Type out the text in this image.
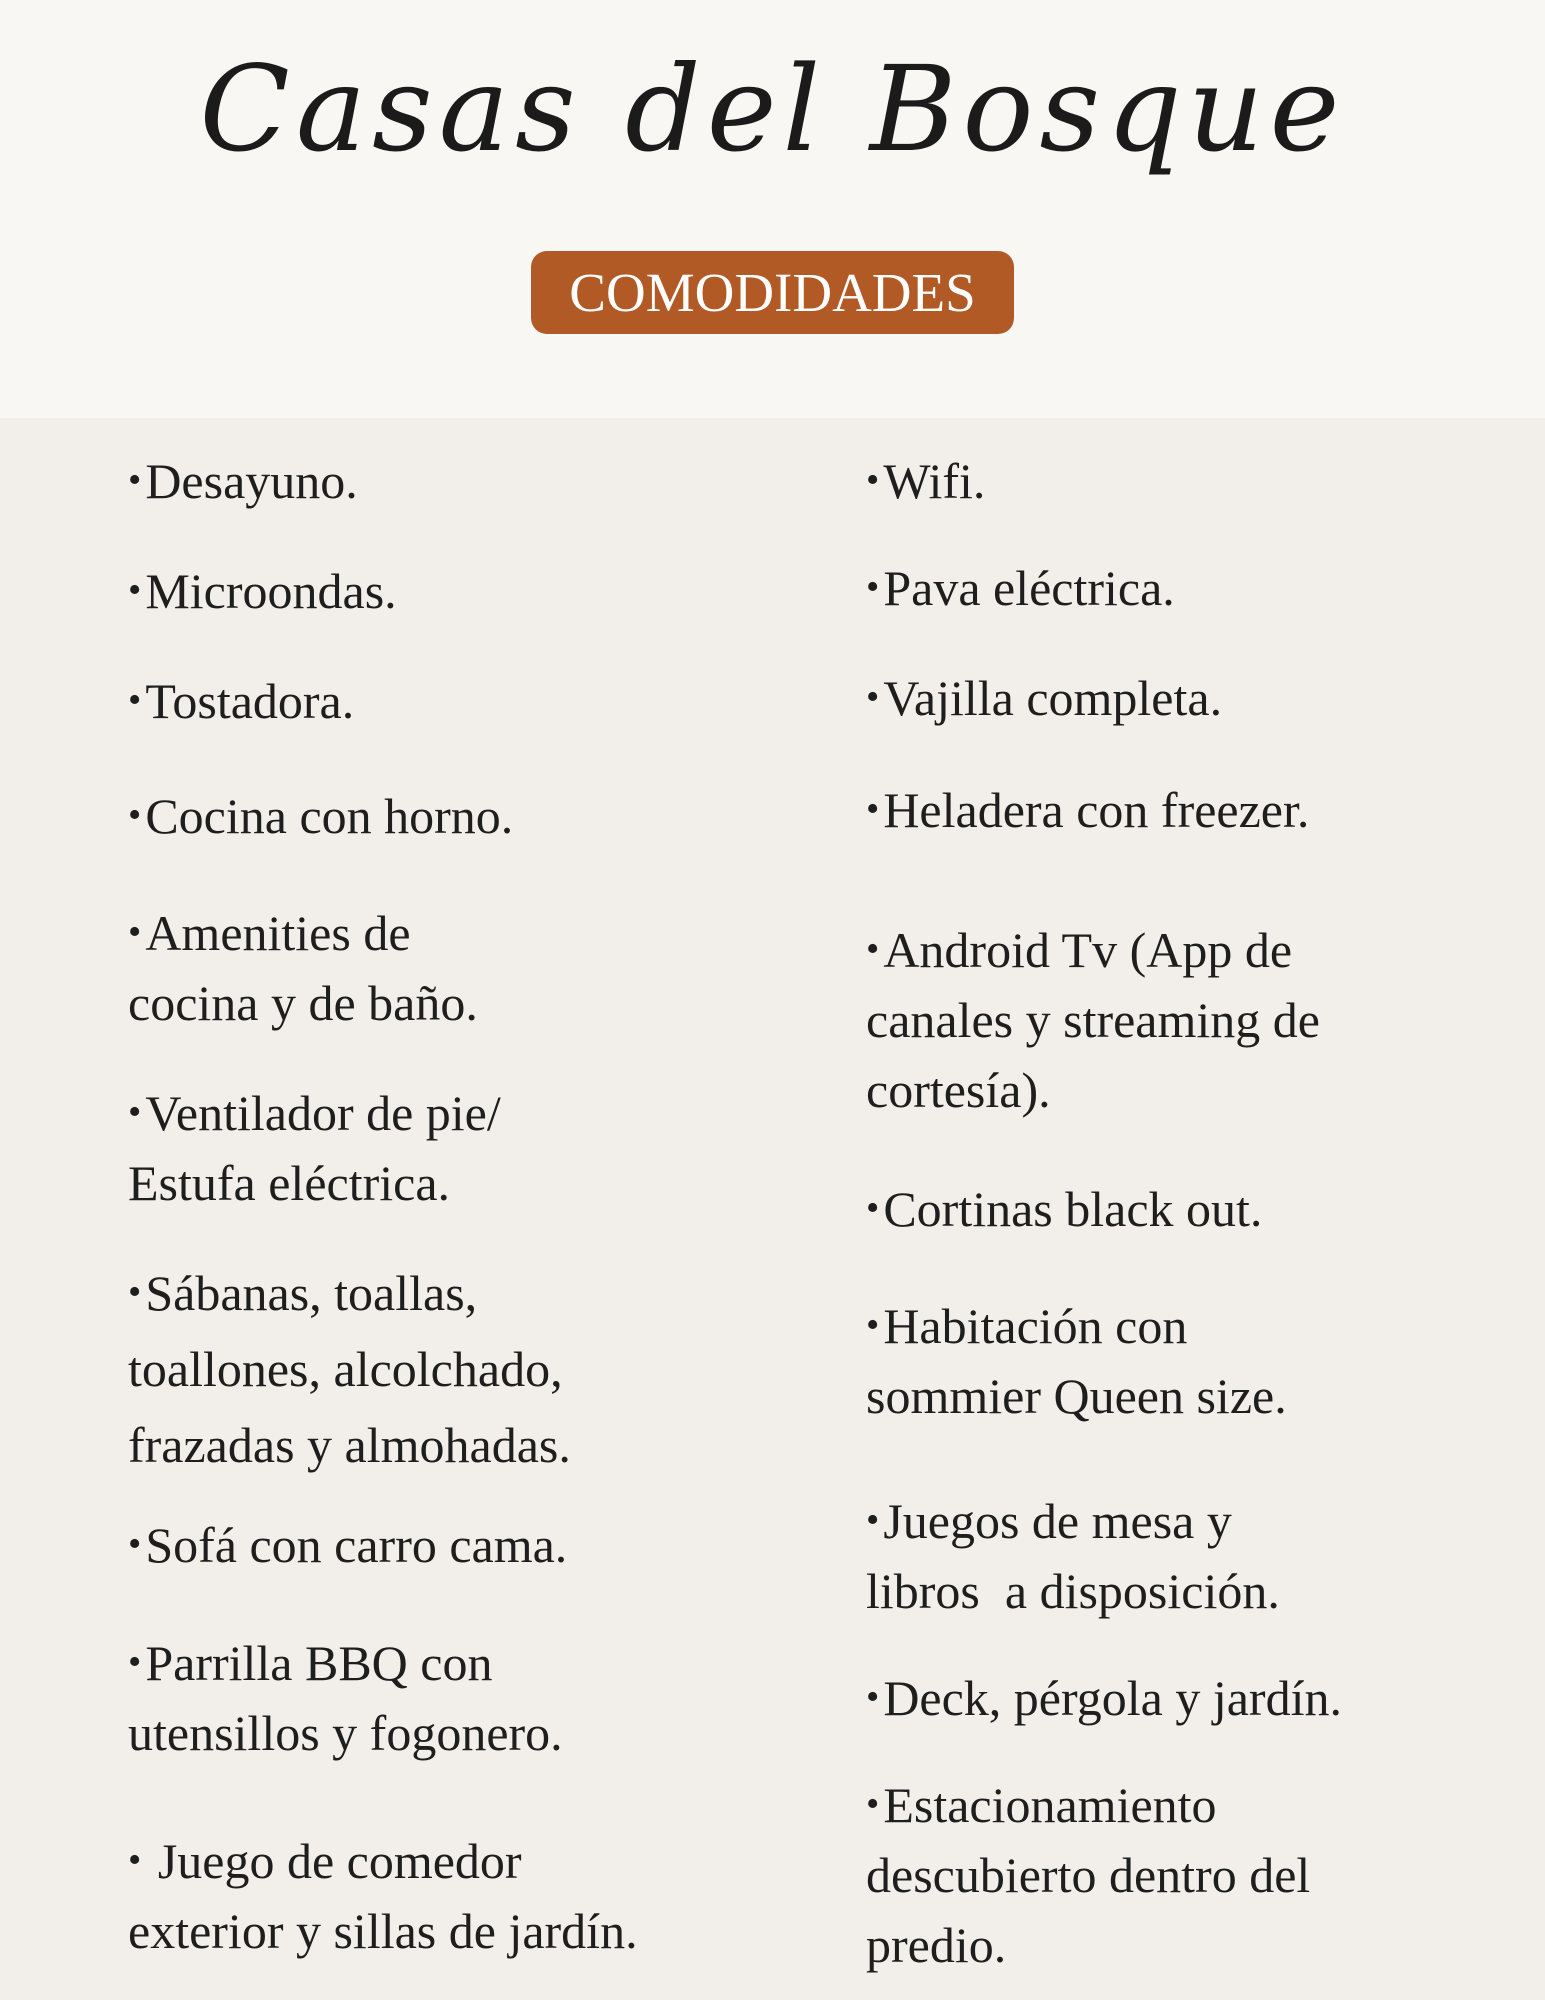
Casas del Bosque
COMODIDADES
•Desayuno.
•Microondas.
•Tostadora.
•Cocina con horno.
•Amenities de
cocina y de baño.
•Ventilador de pie/
Estufa eléctrica.
•Sábanas, toallas,
toallones, alcolchado,
frazadas y almohadas.
•Sofá con carro cama.
•Parrilla BBQ con
utensillos y fogonero.
• Juego de comedor
exterior y sillas de jardín.
•Wifi.
•Pava eléctrica.
•Vajilla completa.
•Heladera con freezer.
•Android Tv (App de
canales y streaming de
cortesía).
•Cortinas black out.
•Habitación con
sommier Queen size.
•Juegos de mesa y
libros  a disposición.
•Deck, pérgola y jardín.
•Estacionamiento
descubierto dentro del
predio.
